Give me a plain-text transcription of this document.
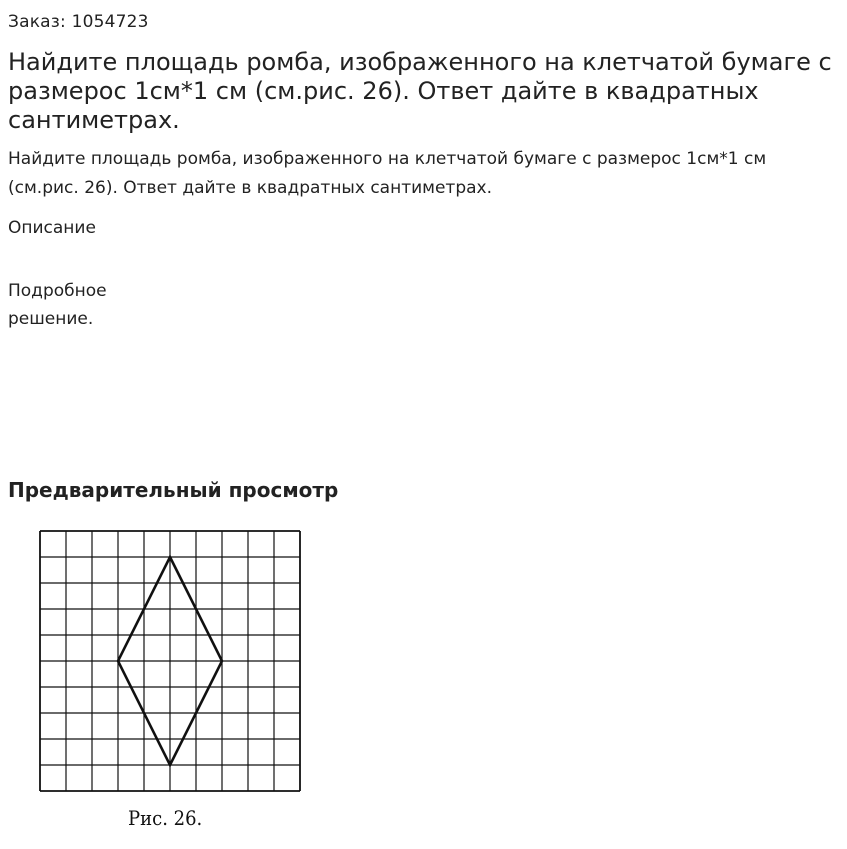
Заказ: 1054723
Найдите площадь ромба, изображенного на клетчатой бумаге с размерос 1см*1 см (см.рис. 26). Ответ дайте в квадратных сантиметрах.

Найдите площадь ромба, изображенного на клетчатой бумаге с размерос 1см*1 см (см.рис. 26). Ответ дайте в квадратных сантиметрах.

Описание
Подробное решение.
Предварительный просмотр
Рис. 26.
